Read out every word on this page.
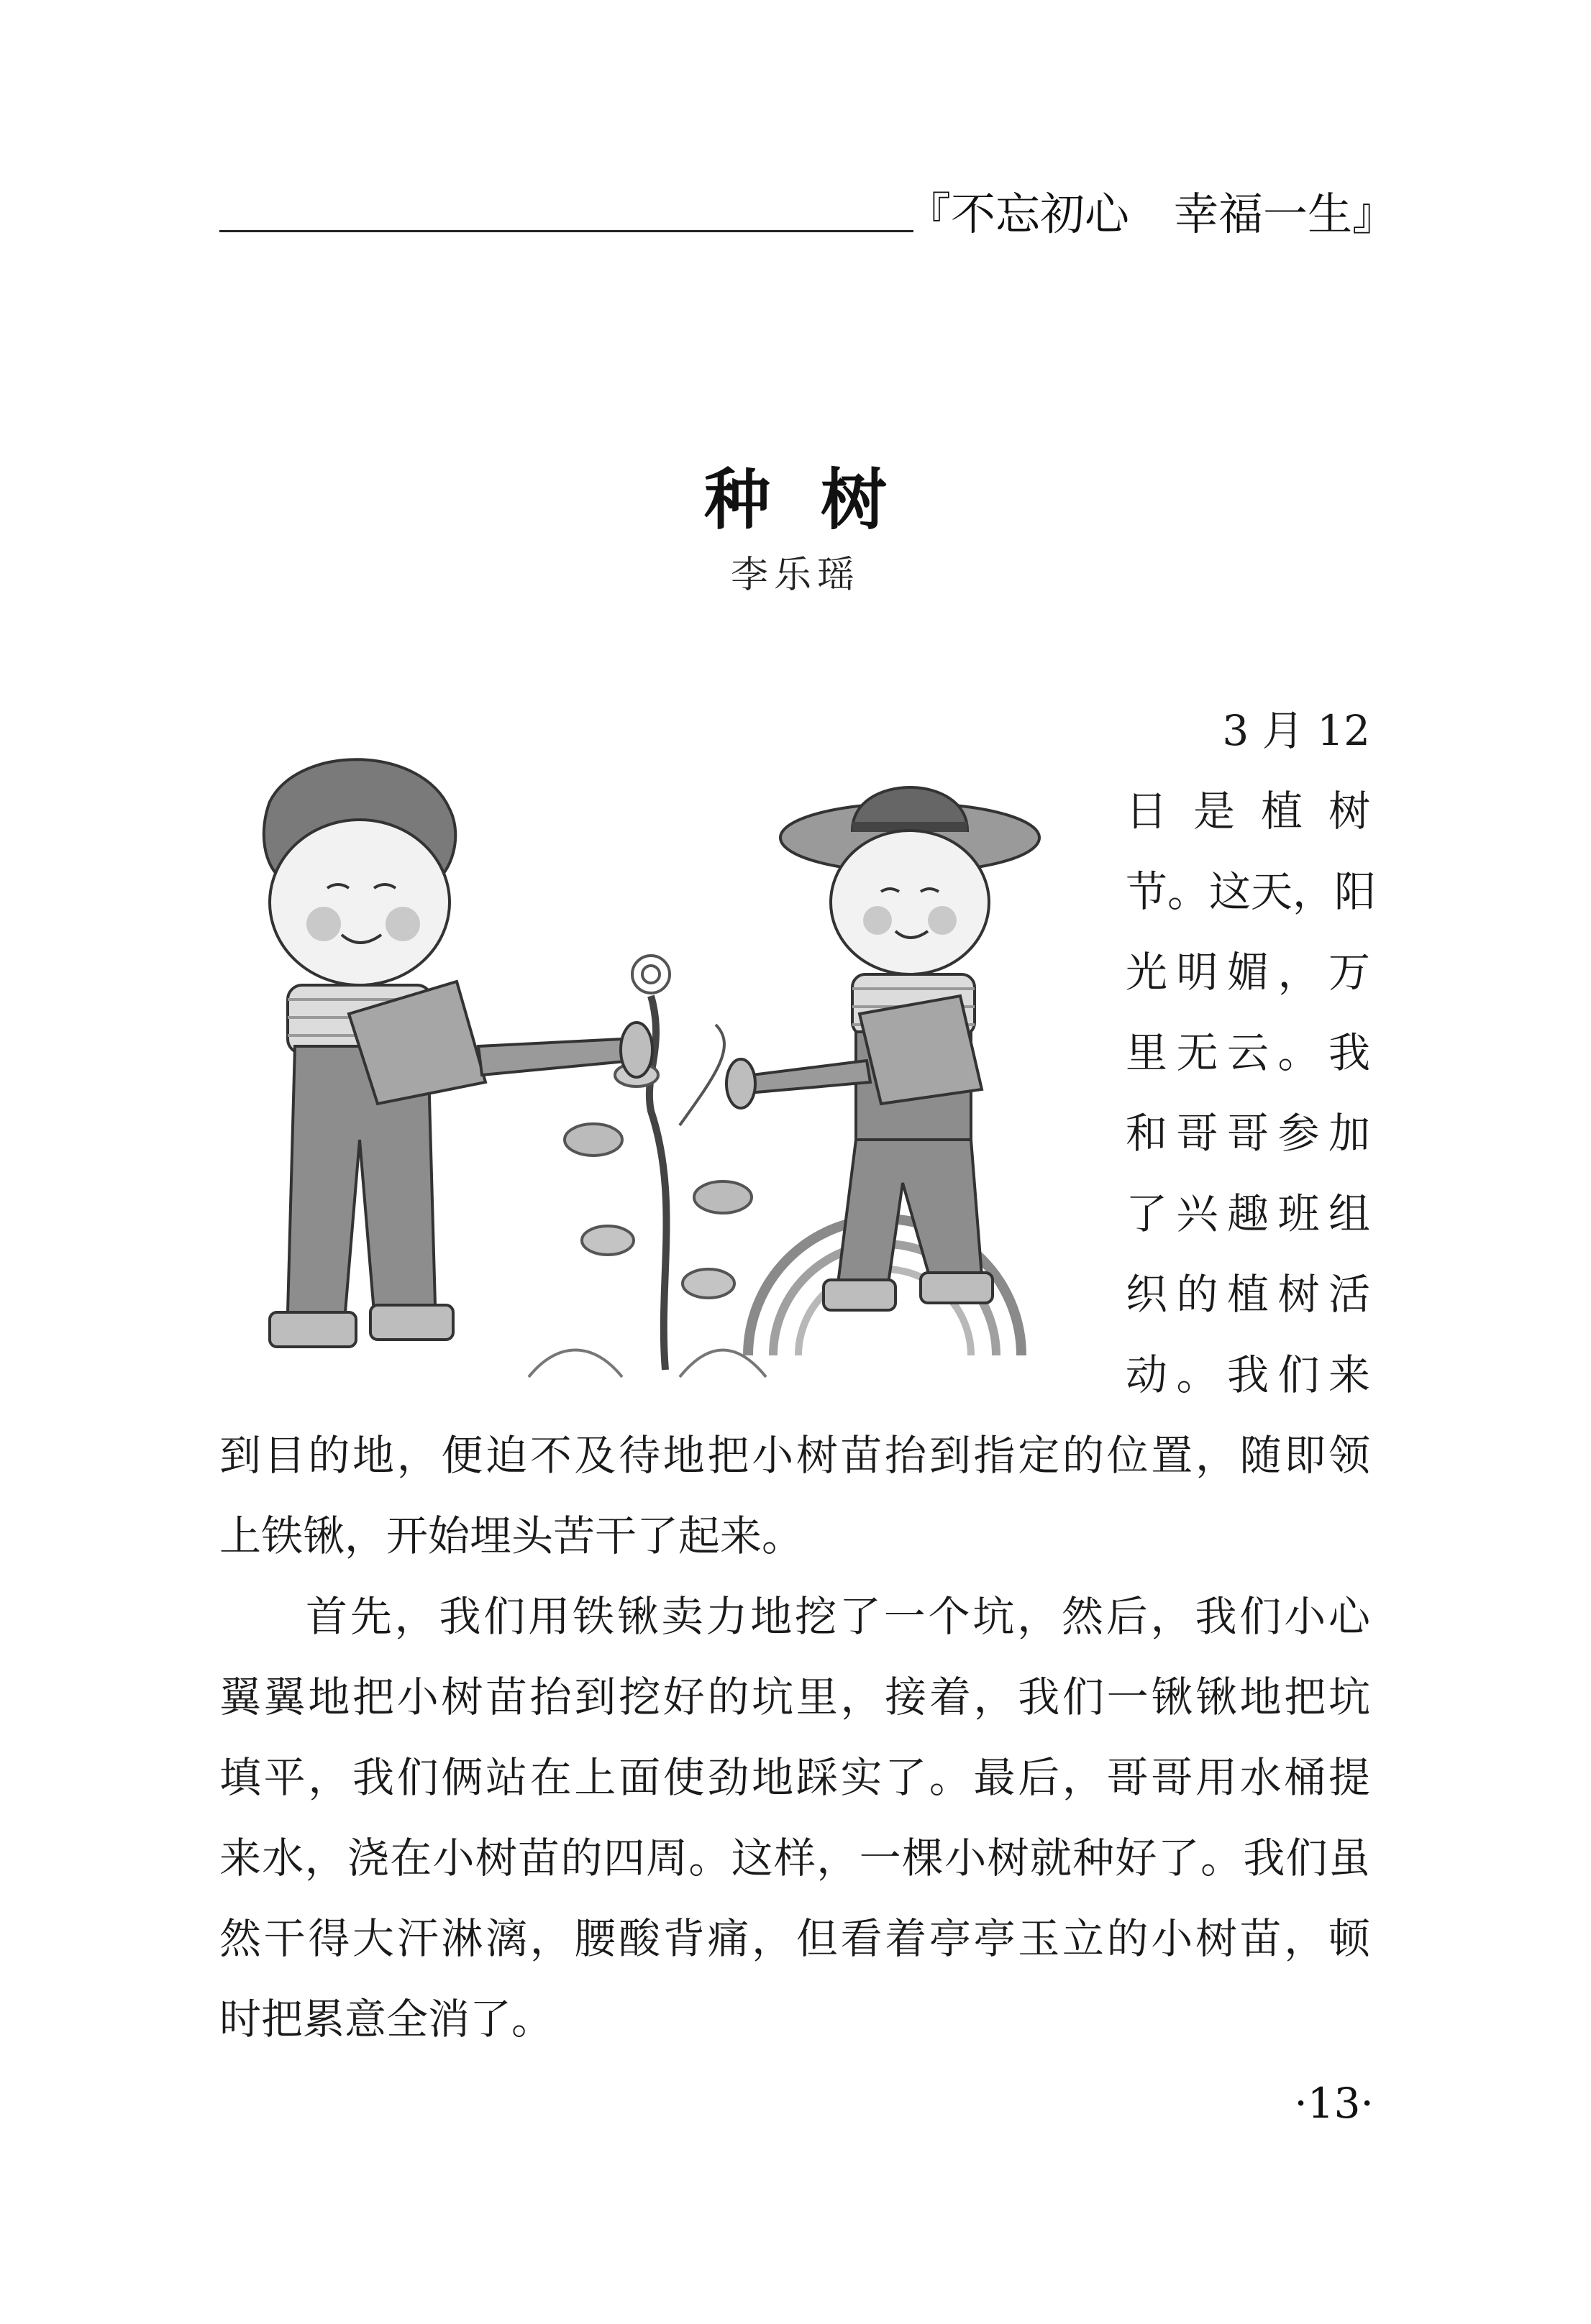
『不忘初心　幸福一生』
种树
李乐瑶
3 月 12
日是植树
节。这天，阳
光明媚，万
里无云。我
和哥哥参加
了兴趣班组
织的植树活
动。我们来
到目的地，便迫不及待地把小树苗抬到指定的位置，随即领
上铁锹，开始埋头苦干了起来。
首先，我们用铁锹卖力地挖了一个坑，然后，我们小心
翼翼地把小树苗抬到挖好的坑里，接着，我们一锹锹地把坑
填平，我们俩站在上面使劲地踩实了。最后，哥哥用水桶提
来水，浇在小树苗的四周。这样，一棵小树就种好了。我们虽
然干得大汗淋漓，腰酸背痛，但看着亭亭玉立的小树苗，顿
时把累意全消了。
·13·
